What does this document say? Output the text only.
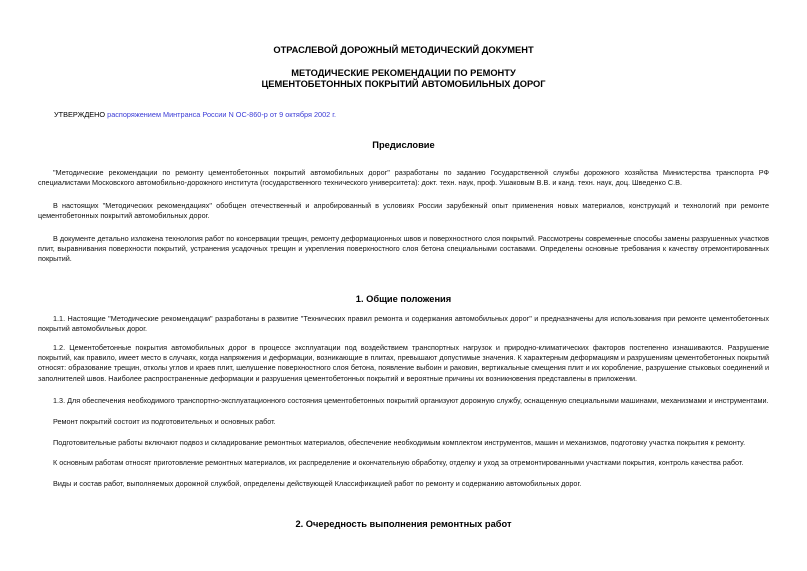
ОТРАСЛЕВОЙ ДОРОЖНЫЙ МЕТОДИЧЕСКИЙ ДОКУМЕНТ
МЕТОДИЧЕСКИЕ РЕКОМЕНДАЦИИ ПО РЕМОНТУ
ЦЕМЕНТОБЕТОННЫХ ПОКРЫТИЙ АВТОМОБИЛЬНЫХ ДОРОГ
УТВЕРЖДЕНО распоряжением Минтранса России N ОС-860-р от 9 октября 2002 г.
Предисловие
"Методические рекомендации по ремонту цементобетонных покрытий автомобильных дорог" разработаны по заданию Государственной службы дорожного хозяйства Министерства транспорта РФ специалистами Московского автомобильно-дорожного института (государственного технического университета): докт. техн. наук, проф. Ушаковым В.В. и канд. техн. наук, доц. Шведенко С.В.
В настоящих "Методических рекомендациях" обобщен отечественный и апробированный в условиях России зарубежный опыт применения новых материалов, конструкций и технологий при ремонте цементобетонных покрытий автомобильных дорог.
В документе детально изложена технология работ по консервации трещин, ремонту деформационных швов и поверхностного слоя покрытий. Рассмотрены современные способы замены разрушенных участков плит, выравнивания поверхности покрытий, устранения усадочных трещин и укрепления поверхностного слоя бетона специальными составами. Определены основные требования к качеству отремонтированных покрытий.
1. Общие положения
1.1. Настоящие "Методические рекомендации" разработаны в развитие "Технических правил ремонта и содержания автомобильных дорог" и предназначены для использования при ремонте цементобетонных покрытий автомобильных дорог.
1.2. Цементобетонные покрытия автомобильных дорог в процессе эксплуатации под воздействием транспортных нагрузок и природно-климатических факторов постепенно изнашиваются. Разрушение покрытий, как правило, имеет место в случаях, когда напряжения и деформации, возникающие в плитах, превышают допустимые значения. К характерным деформациям и разрушениям цементобетонных покрытий относят: образование трещин, отколы углов и краев плит, шелушение поверхностного слоя бетона, появление выбоин и раковин, вертикальные смещения плит и их коробление, разрушение стыковых соединений и заполнителей швов. Наиболее распространенные деформации и разрушения цементобетонных покрытий и вероятные причины их возникновения представлены в приложении.
1.3. Для обеспечения необходимого транспортно-эксплуатационного состояния цементобетонных покрытий организуют дорожную службу, оснащенную специальными машинами, механизмами и инструментами.
Ремонт покрытий состоит из подготовительных и основных работ.
Подготовительные работы включают подвоз и складирование ремонтных материалов, обеспечение необходимым комплектом инструментов, машин и механизмов, подготовку участка покрытия к ремонту.
К основным работам относят приготовление ремонтных материалов, их распределение и окончательную обработку, отделку и уход за отремонтированными участками покрытия, контроль качества работ.
Виды и состав работ, выполняемых дорожной службой, определены действующей Классификацией работ по ремонту и содержанию автомобильных дорог.
2. Очередность выполнения ремонтных работ
